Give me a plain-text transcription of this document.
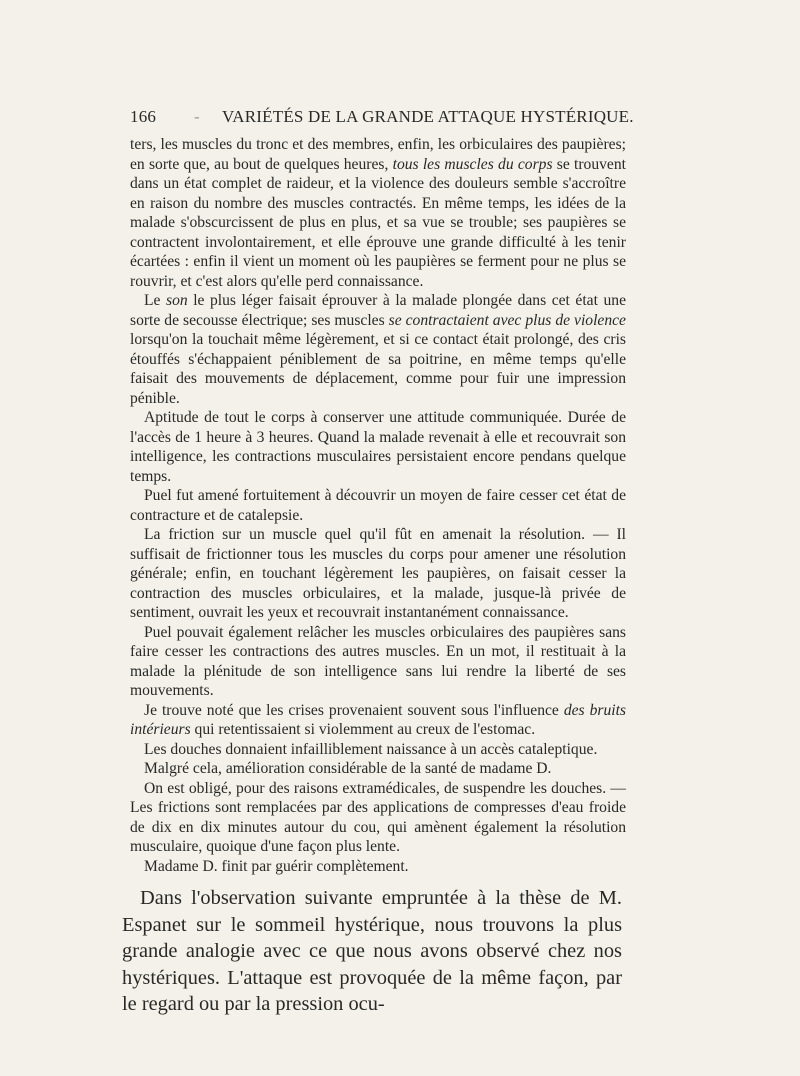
166 - VARIÉTÉS DE LA GRANDE ATTAQUE HYSTÉRIQUE.

ters, les muscles du tronc et des membres, enfin, les orbiculaires des paupières; en sorte que, au bout de quelques heures, tous les muscles du corps se trouvent dans un état complet de raideur, et la violence des douleurs semble s'accroître en raison du nombre des muscles contractés. En même temps, les idées de la malade s'obscurcissent de plus en plus, et sa vue se trouble; ses paupières se contractent involontairement, et elle éprouve une grande difficulté à les tenir écartées : enfin il vient un moment où les paupières se ferment pour ne plus se rouvrir, et c'est alors qu'elle perd connaissance.

Le son le plus léger faisait éprouver à la malade plongée dans cet état une sorte de secousse électrique; ses muscles se contractaient avec plus de violence lorsqu'on la touchait même légèrement, et si ce contact était prolongé, des cris étouffés s'échappaient péniblement de sa poitrine, en même temps qu'elle faisait des mouvements de déplacement, comme pour fuir une impression pénible.

Aptitude de tout le corps à conserver une attitude communiquée. Durée de l'accès de 1 heure à 3 heures. Quand la malade revenait à elle et recouvrait son intelligence, les contractions musculaires persistaient encore pendans quelque temps.

Puel fut amené fortuitement à découvrir un moyen de faire cesser cet état de contracture et de catalepsie.

La friction sur un muscle quel qu'il fût en amenait la résolution. — Il suffisait de frictionner tous les muscles du corps pour amener une résolution générale; enfin, en touchant légèrement les paupières, on faisait cesser la contraction des muscles orbiculaires, et la malade, jusque-là privée de sentiment, ouvrait les yeux et recouvrait instantanément connaissance.

Puel pouvait également relâcher les muscles orbiculaires des paupières sans faire cesser les contractions des autres muscles. En un mot, il restituait à la malade la plénitude de son intelligence sans lui rendre la liberté de ses mouvements.

Je trouve noté que les crises provenaient souvent sous l'influence des bruits intérieurs qui retentissaient si violemment au creux de l'estomac.

Les douches donnaient infailliblement naissance à un accès cataleptique.

Malgré cela, amélioration considérable de la santé de madame D.

On est obligé, pour des raisons extramédicales, de suspendre les douches. — Les frictions sont remplacées par des applications de compresses d'eau froide de dix en dix minutes autour du cou, qui amènent également la résolution musculaire, quoique d'une façon plus lente.

Madame D. finit par guérir complètement.

Dans l'observation suivante empruntée à la thèse de M. Espanet sur le sommeil hystérique, nous trouvons la plus grande analogie avec ce que nous avons observé chez nos hystériques. L'attaque est provoquée de la même façon, par le regard ou par la pression ocu-
